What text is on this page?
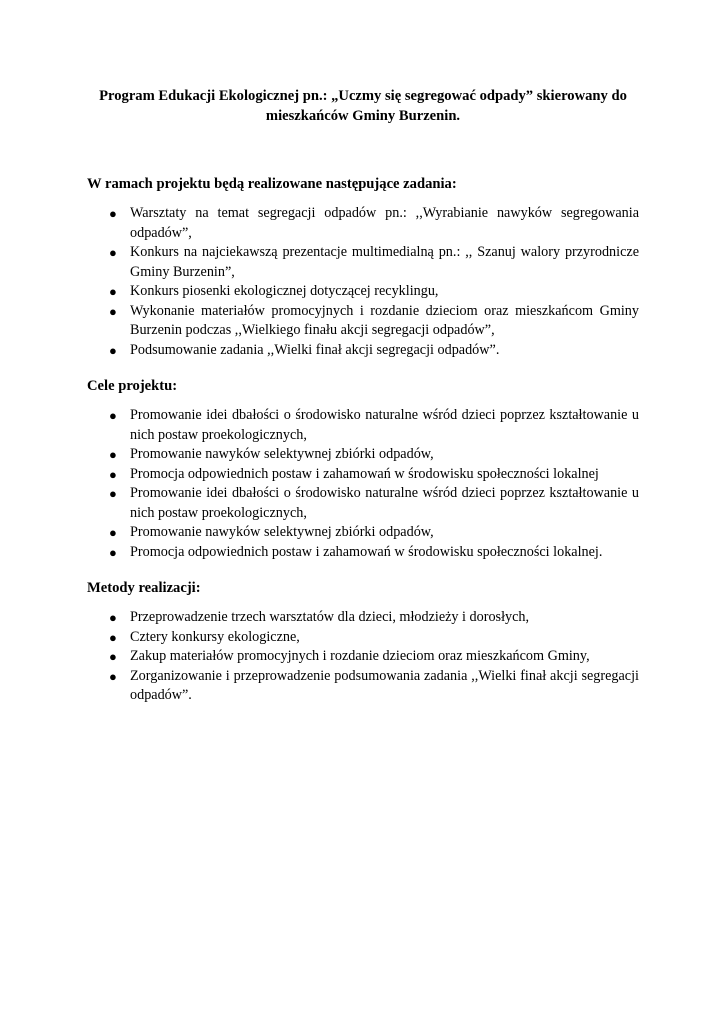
Program Edukacji Ekologicznej pn.: „Uczmy się segregować odpady” skierowany do
mieszkańców Gminy Burzenin.

W ramach projektu będą realizowane następujące zadania:

● Warsztaty na temat segregacji odpadów pn.: ,,Wyrabianie nawyków segregowania odpadów”,
● Konkurs na najciekawszą prezentacje multimedialną pn.: ,, Szanuj walory przyrodnicze Gminy Burzenin”,
● Konkurs piosenki ekologicznej dotyczącej recyklingu,
● Wykonanie materiałów promocyjnych i rozdanie dzieciom oraz mieszkańcom Gminy Burzenin podczas ,,Wielkiego finału akcji segregacji odpadów”,
● Podsumowanie zadania ,,Wielki finał akcji segregacji odpadów”.

Cele projektu:

● Promowanie idei dbałości o środowisko naturalne wśród dzieci poprzez kształtowanie u nich postaw proekologicznych,
● Promowanie nawyków selektywnej zbiórki odpadów,
● Promocja odpowiednich postaw i zahamowań w środowisku społeczności lokalnej
● Promowanie idei dbałości o środowisko naturalne wśród dzieci poprzez kształtowanie u nich postaw proekologicznych,
● Promowanie nawyków selektywnej zbiórki odpadów,
● Promocja odpowiednich postaw i zahamowań w środowisku społeczności lokalnej.

Metody realizacji:

● Przeprowadzenie trzech warsztatów dla dzieci, młodzieży i dorosłych,
● Cztery konkursy ekologiczne,
● Zakup materiałów promocyjnych i rozdanie dzieciom oraz mieszkańcom Gminy,
● Zorganizowanie i przeprowadzenie podsumowania zadania ,,Wielki finał akcji segregacji odpadów”.
